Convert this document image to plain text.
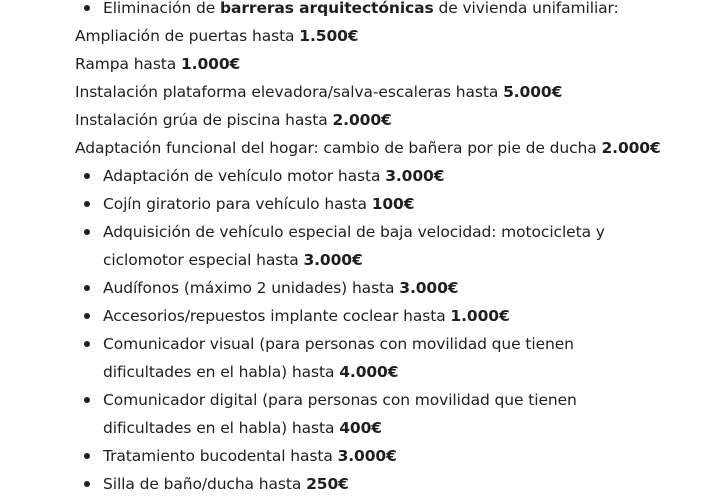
Eliminación de barreras arquitectónicas de vivienda unifamiliar:
Ampliación de puertas hasta 1.500€
Rampa hasta 1.000€
Instalación plataforma elevadora/salva-escaleras hasta 5.000€
Instalación grúa de piscina hasta 2.000€
Adaptación funcional del hogar: cambio de bañera por pie de ducha 2.000€
Adaptación de vehículo motor hasta 3.000€
Cojín giratorio para vehículo hasta 100€
Adquisición de vehículo especial de baja velocidad: motocicleta y
ciclomotor especial hasta 3.000€
Audífonos (máximo 2 unidades) hasta 3.000€
Accesorios/repuestos implante coclear hasta 1.000€
Comunicador visual (para personas con movilidad que tienen
dificultades en el habla) hasta 4.000€
Comunicador digital (para personas con movilidad que tienen
dificultades en el habla) hasta 400€
Tratamiento bucodental hasta 3.000€
Silla de baño/ducha hasta 250€
